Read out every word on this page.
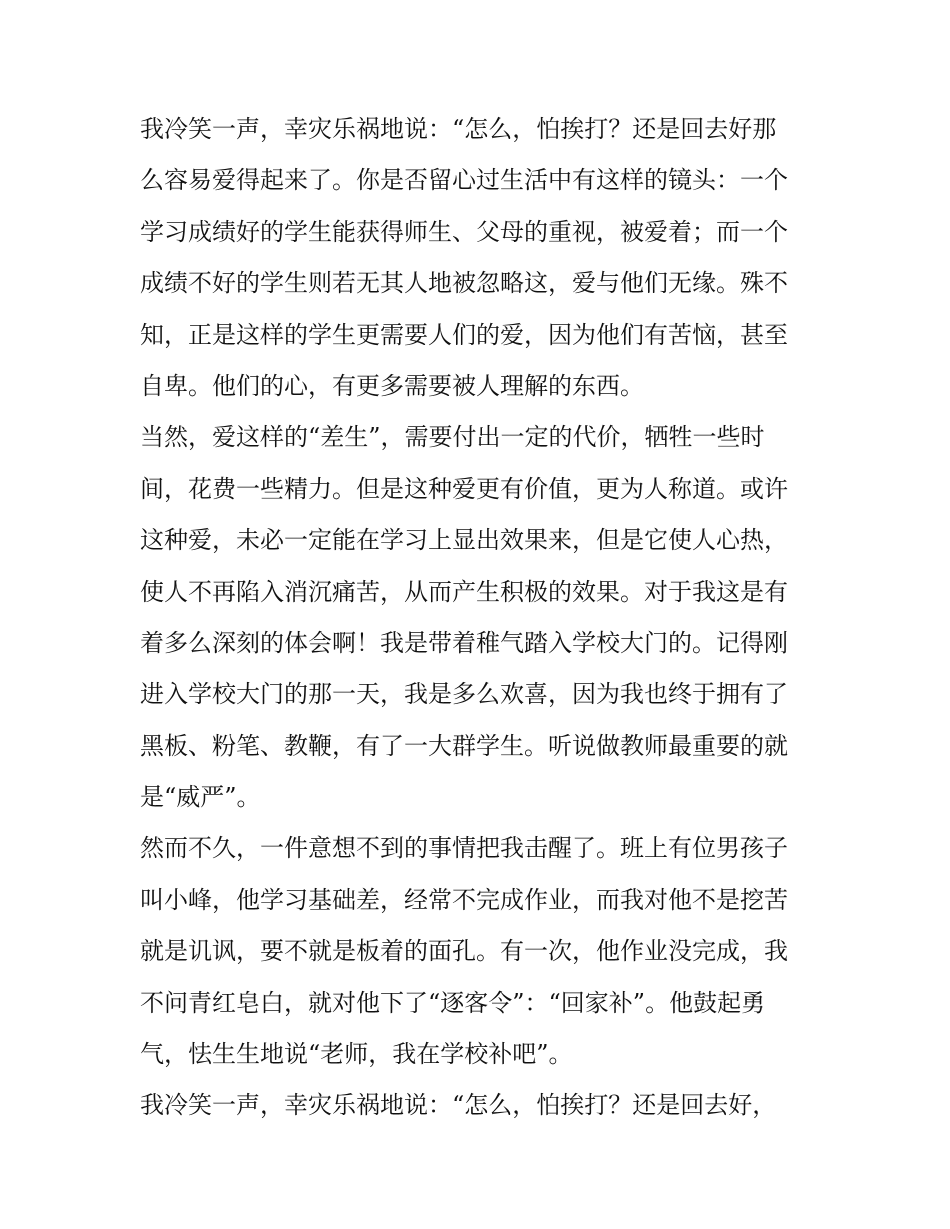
我冷笑一声，幸灾乐祸地说：“怎么，怕挨打？还是回去好那
么容易爱得起来了。你是否留心过生活中有这样的镜头：一个
学习成绩好的学生能获得师生、父母的重视，被爱着；而一个
成绩不好的学生则若无其人地被忽略这，爱与他们无缘。殊不
知，正是这样的学生更需要人们的爱，因为他们有苦恼，甚至
自卑。他们的心，有更多需要被人理解的东西。
当然，爱这样的“差生”，需要付出一定的代价，牺牲一些时
间，花费一些精力。但是这种爱更有价值，更为人称道。或许
这种爱，未必一定能在学习上显出效果来，但是它使人心热，
使人不再陷入消沉痛苦，从而产生积极的效果。对于我这是有
着多么深刻的体会啊！我是带着稚气踏入学校大门的。记得刚
进入学校大门的那一天，我是多么欢喜，因为我也终于拥有了
黑板、粉笔、教鞭，有了一大群学生。听说做教师最重要的就
是“威严”。
然而不久，一件意想不到的事情把我击醒了。班上有位男孩子
叫小峰，他学习基础差，经常不完成作业，而我对他不是挖苦
就是讥讽，要不就是板着的面孔。有一次，他作业没完成，我
不问青红皂白，就对他下了“逐客令”：“回家补”。他鼓起勇
气，怯生生地说“老师，我在学校补吧”。
我冷笑一声，幸灾乐祸地说：“怎么，怕挨打？还是回去好，
